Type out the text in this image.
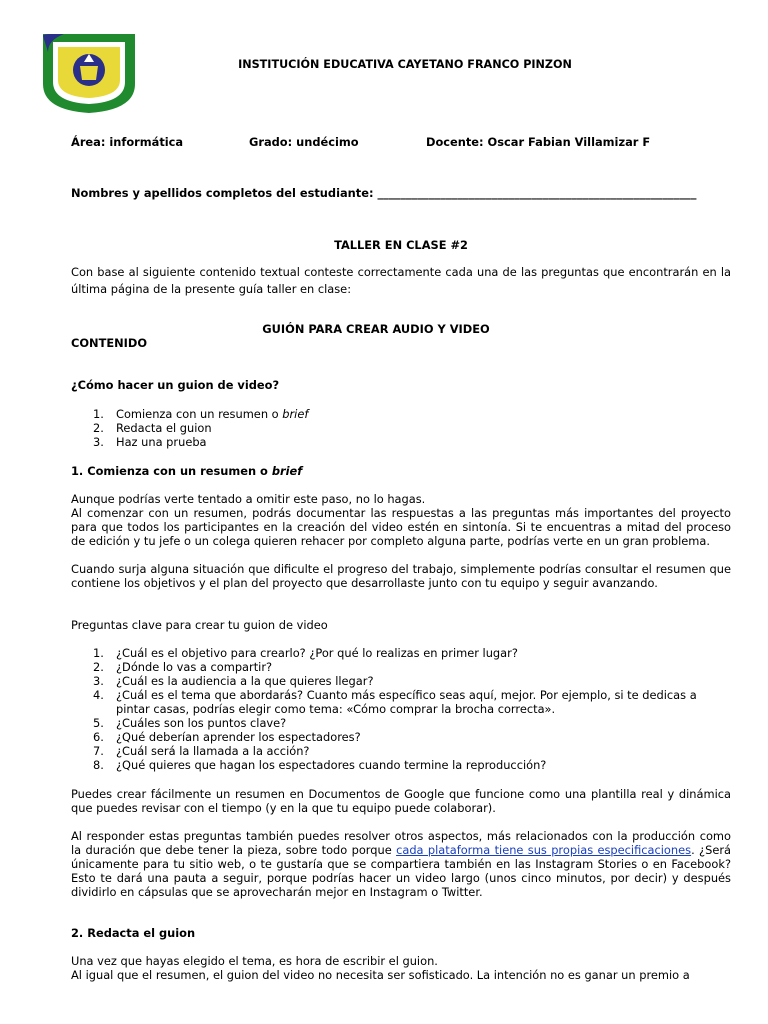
INSTITUCIÓN EDUCATIVA CAYETANO FRANCO PINZON
Área: informática	Grado: undécimo	Docente: Oscar Fabian Villamizar F
Nombres y apellidos completos del estudiante: ________________________________________________________
TALLER EN CLASE #2

Con base al siguiente contenido textual conteste correctamente cada una de las preguntas que encontrarán en la última página de la presente guía taller en clase:

GUIÓN PARA CREAR AUDIO Y VIDEO
CONTENIDO
¿Cómo hacer un guion de video?
1. Comienza con un resumen o brief
2. Redacta el guion
3. Haz una prueba
1. Comienza con un resumen o brief

Aunque podrías verte tentado a omitir este paso, no lo hagas.

Al comenzar con un resumen, podrás documentar las respuestas a las preguntas más importantes del proyecto para que todos los participantes en la creación del video estén en sintonía. Si te encuentras a mitad del proceso de edición y tu jefe o un colega quieren rehacer por completo alguna parte, podrías verte en un gran problema.

Cuando surja alguna situación que dificulte el progreso del trabajo, simplemente podrías consultar el resumen que contiene los objetivos y el plan del proyecto que desarrollaste junto con tu equipo y seguir avanzando.

Preguntas clave para crear tu guion de video

1. ¿Cuál es el objetivo para crearlo? ¿Por qué lo realizas en primer lugar?
2. ¿Dónde lo vas a compartir?
3. ¿Cuál es la audiencia a la que quieres llegar?
4. ¿Cuál es el tema que abordarás? Cuanto más específico seas aquí, mejor. Por ejemplo, si te dedicas a pintar casas, podrías elegir como tema: «Cómo comprar la brocha correcta».
5. ¿Cuáles son los puntos clave?
6. ¿Qué deberían aprender los espectadores?
7. ¿Cuál será la llamada a la acción?
8. ¿Qué quieres que hagan los espectadores cuando termine la reproducción?

Puedes crear fácilmente un resumen en Documentos de Google que funcione como una plantilla real y dinámica que puedes revisar con el tiempo (y en la que tu equipo puede colaborar).

Al responder estas preguntas también puedes resolver otros aspectos, más relacionados con la producción como la duración que debe tener la pieza, sobre todo porque cada plataforma tiene sus propias especificaciones. ¿Será únicamente para tu sitio web, o te gustaría que se compartiera también en las Instagram Stories o en Facebook? Esto te dará una pauta a seguir, porque podrías hacer un video largo (unos cinco minutos, por decir) y después dividirlo en cápsulas que se aprovecharán mejor en Instagram o Twitter.

2. Redacta el guion

Una vez que hayas elegido el tema, es hora de escribir el guion.

Al igual que el resumen, el guion del video no necesita ser sofisticado. La intención no es ganar un premio a
